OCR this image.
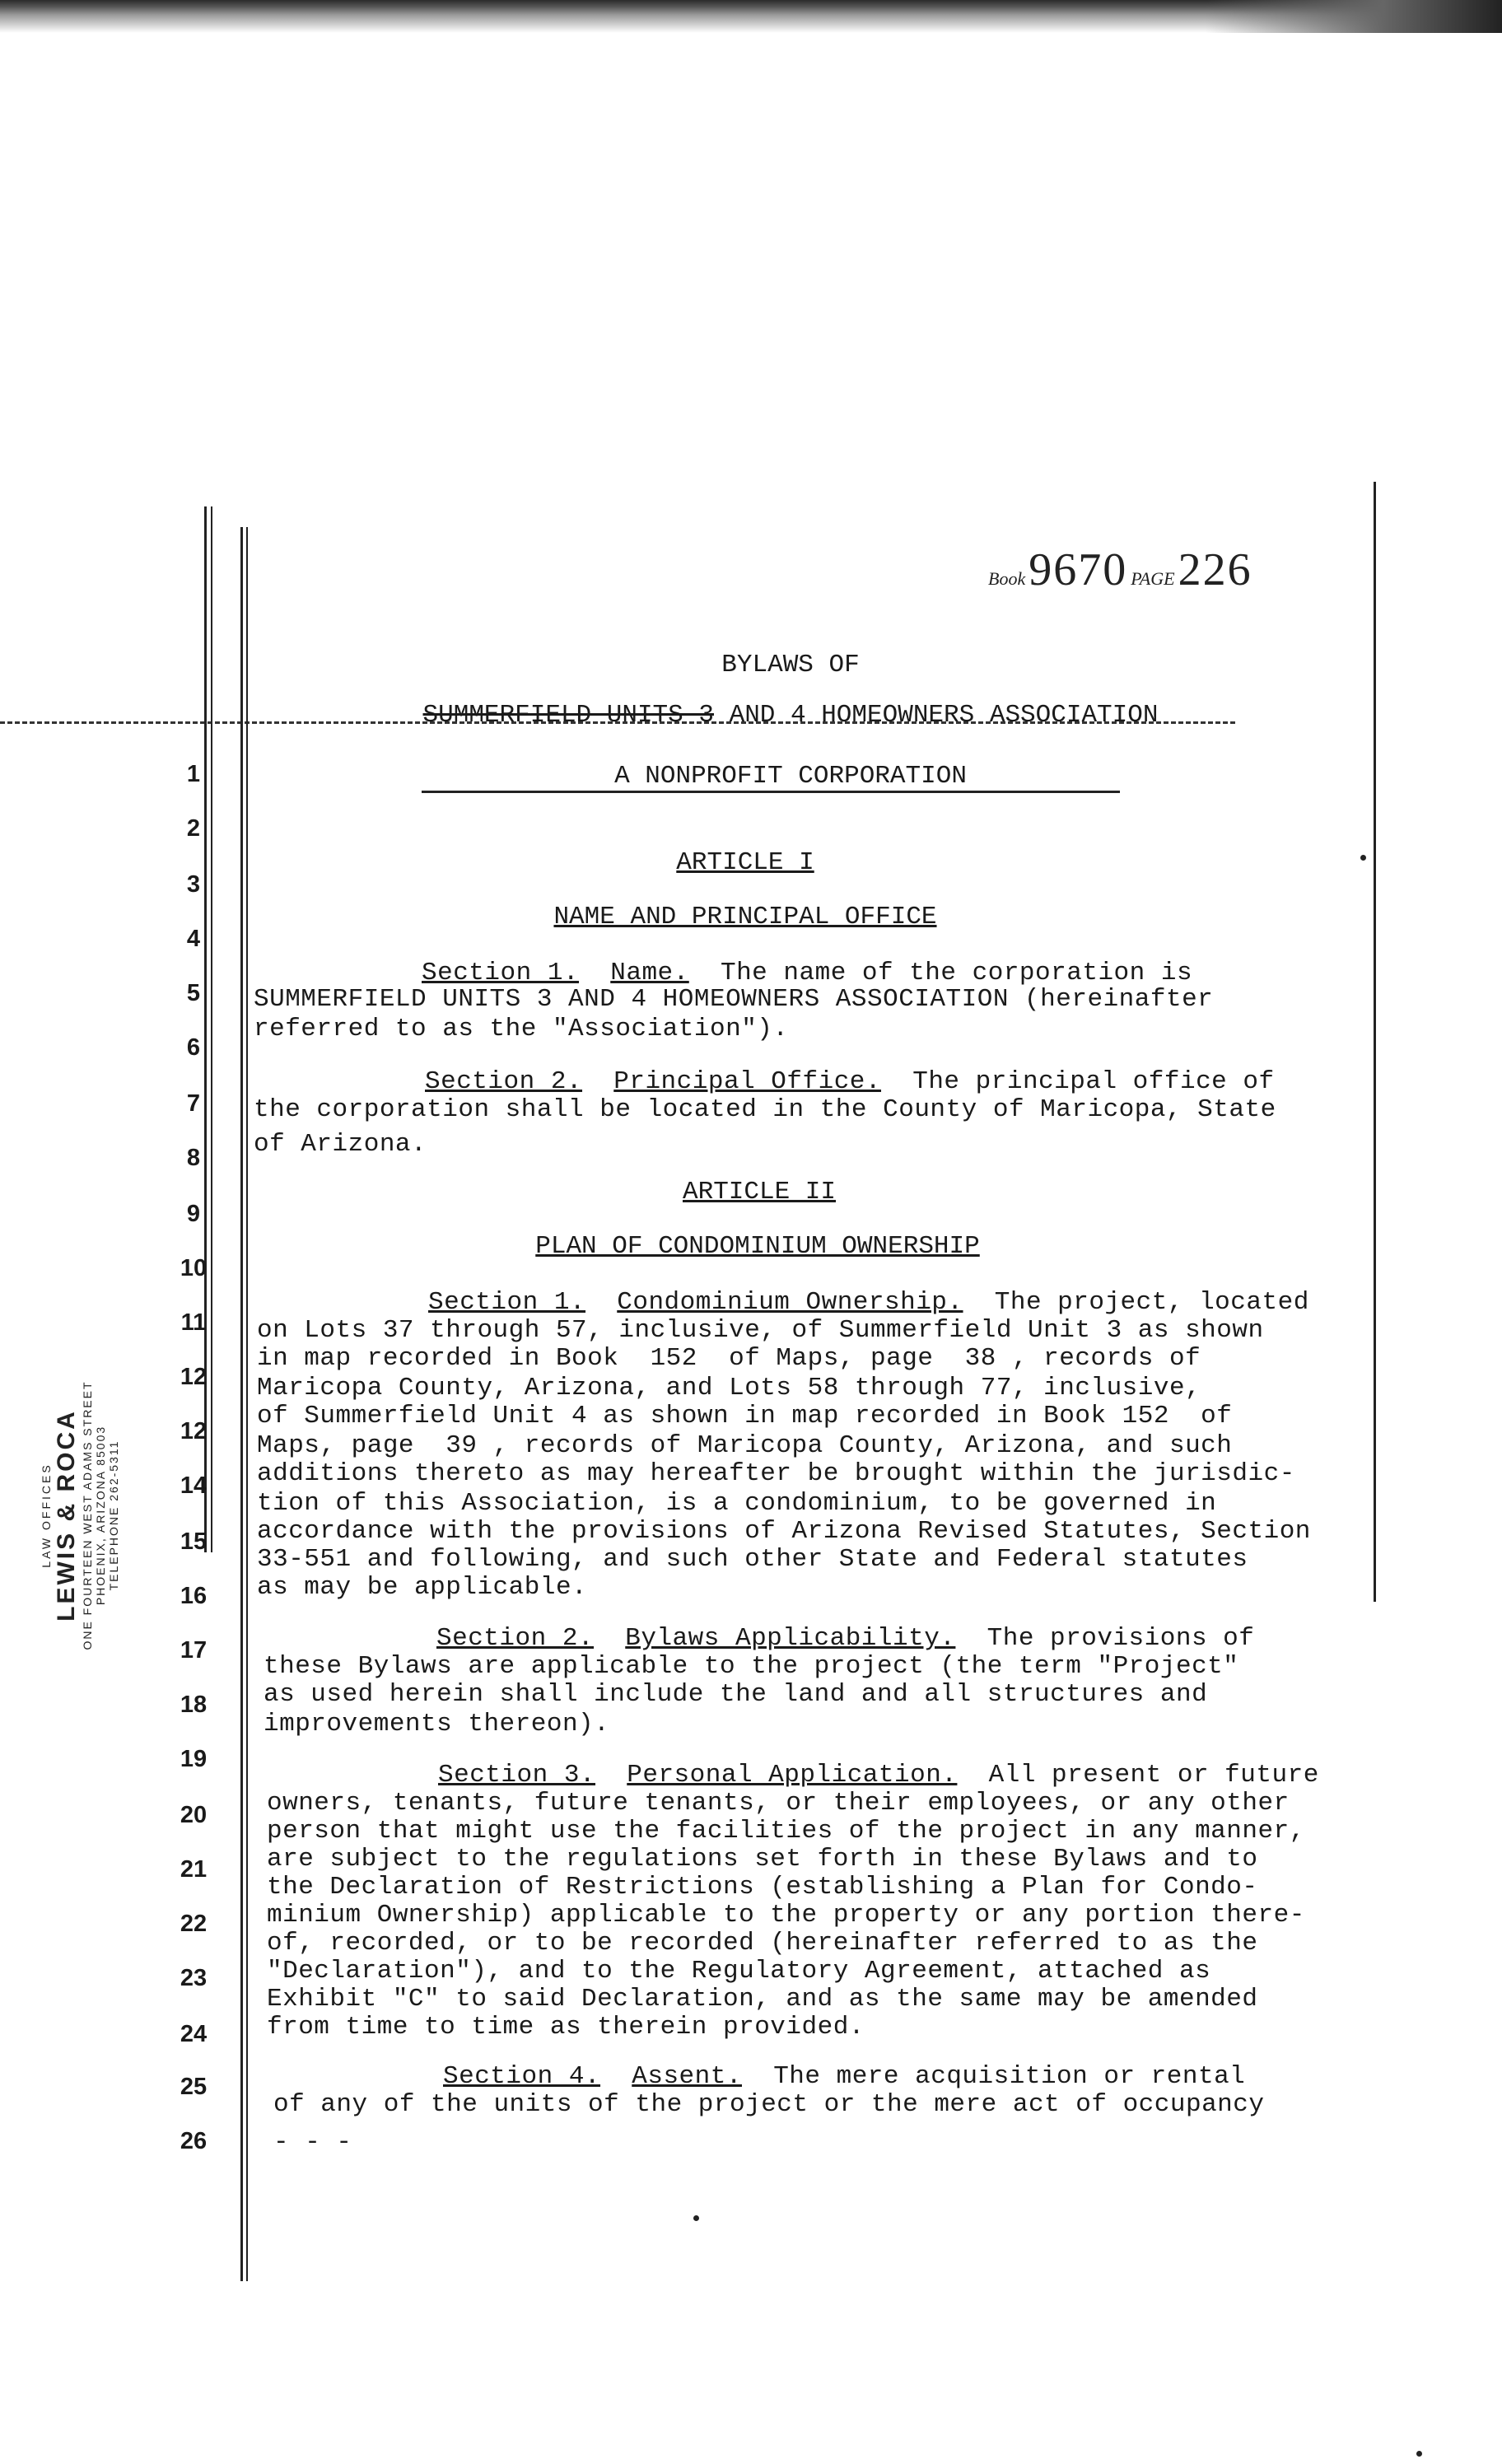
LAW OFFICES LEWIS & ROCA ONE FOURTEEN WEST ADAMS STREET PHOENIX, ARIZONA 85003 TELEPHONE 262-5311
Book 9670 PAGE 226
1
2
3
4
5
6
7
8
9
10
11
12
12
14
15
16
17
18
19
20
21
22
23
24
25
26
BYLAWS OF
SUMMERFIELD UNITS 3 AND 4 HOMEOWNERS ASSOCIATION
A NONPROFIT CORPORATION
ARTICLE I
NAME AND PRINCIPAL OFFICE
Section 1. Name.  The name of the corporation is
SUMMERFIELD UNITS 3 AND 4 HOMEOWNERS ASSOCIATION (hereinafter
referred to as the "Association").
Section 2. Principal Office.  The principal office of
the corporation shall be located in the County of Maricopa, State
of Arizona.
ARTICLE II
PLAN OF CONDOMINIUM OWNERSHIP
Section 1. Condominium Ownership.  The project, located
on Lots 37 through 57, inclusive, of Summerfield Unit 3 as shown
in map recorded in Book  152  of Maps, page  38 , records of
Maricopa County, Arizona, and Lots 58 through 77, inclusive,
of Summerfield Unit 4 as shown in map recorded in Book 152  of
Maps, page  39 , records of Maricopa County, Arizona, and such
additions thereto as may hereafter be brought within the jurisdic-
tion of this Association, is a condominium, to be governed in
accordance with the provisions of Arizona Revised Statutes, Section
33-551 and following, and such other State and Federal statutes
as may be applicable.
Section 2. Bylaws Applicability.  The provisions of
these Bylaws are applicable to the project (the term "Project"
as used herein shall include the land and all structures and
improvements thereon).
Section 3. Personal Application.  All present or future
owners, tenants, future tenants, or their employees, or any other
person that might use the facilities of the project in any manner,
are subject to the regulations set forth in these Bylaws and to
the Declaration of Restrictions (establishing a Plan for Condo-
minium Ownership) applicable to the property or any portion there-
of, recorded, or to be recorded (hereinafter referred to as the
"Declaration"), and to the Regulatory Agreement, attached as
Exhibit "C" to said Declaration, and as the same may be amended
from time to time as therein provided.
Section 4. Assent.  The mere acquisition or rental
of any of the units of the project or the mere act of occupancy
- - -
